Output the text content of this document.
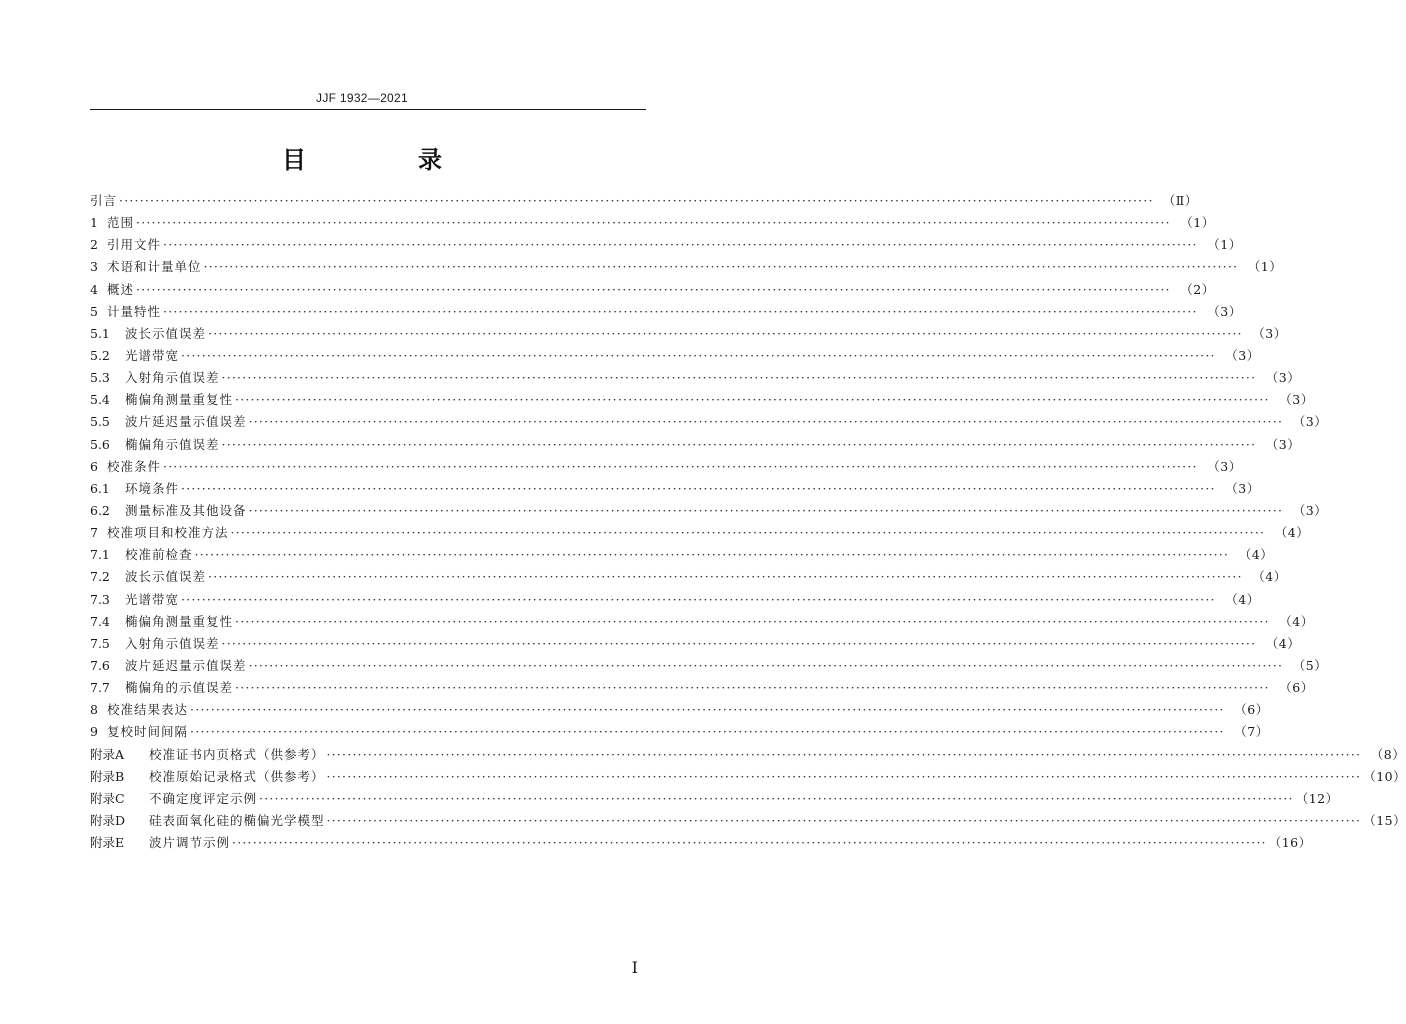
JJF 1932—2021
目　录
引言 ········································································································································································································ （Ⅱ）
1 范围 ········································································································································································································ （1）
2 引用文件 ········································································································································································································ （1）
3 术语和计量单位 ········································································································································································································ （1）
4 概述 ········································································································································································································ （2）
5 计量特性 ········································································································································································································ （3）
5.1	波长示值误差 ········································································································································································································ （3）
5.2	光谱带宽 ········································································································································································································ （3）
5.3	入射角示值误差 ········································································································································································································ （3）
5.4	椭偏角测量重复性 ········································································································································································································ （3）
5.5	波片延迟量示值误差 ········································································································································································································ （3）
5.6	椭偏角示值误差 ········································································································································································································ （3）
6 校准条件 ········································································································································································································ （3）
6.1	环境条件 ········································································································································································································ （3）
6.2	测量标准及其他设备 ········································································································································································································ （3）
7 校准项目和校准方法 ········································································································································································································ （4）
7.1	校准前检查 ········································································································································································································ （4）
7.2	波长示值误差 ········································································································································································································ （4）
7.3	光谱带宽 ········································································································································································································ （4）
7.4	椭偏角测量重复性 ········································································································································································································ （4）
7.5	入射角示值误差 ········································································································································································································ （4）
7.6	波片延迟量示值误差 ········································································································································································································ （5）
7.7	椭偏角的示值误差 ········································································································································································································ （6）
8 校准结果表达 ········································································································································································································ （6）
9 复校时间间隔 ········································································································································································································ （7）
附录A	校准证书内页格式（供参考） ········································································································································································································ （8）
附录B	校准原始记录格式（供参考） ········································································································································································································ （10）
附录C	不确定度评定示例 ········································································································································································································ （12）
附录D	硅表面氧化硅的椭偏光学模型 ········································································································································································································ （15）
附录E	波片调节示例 ········································································································································································································ （16）
I
